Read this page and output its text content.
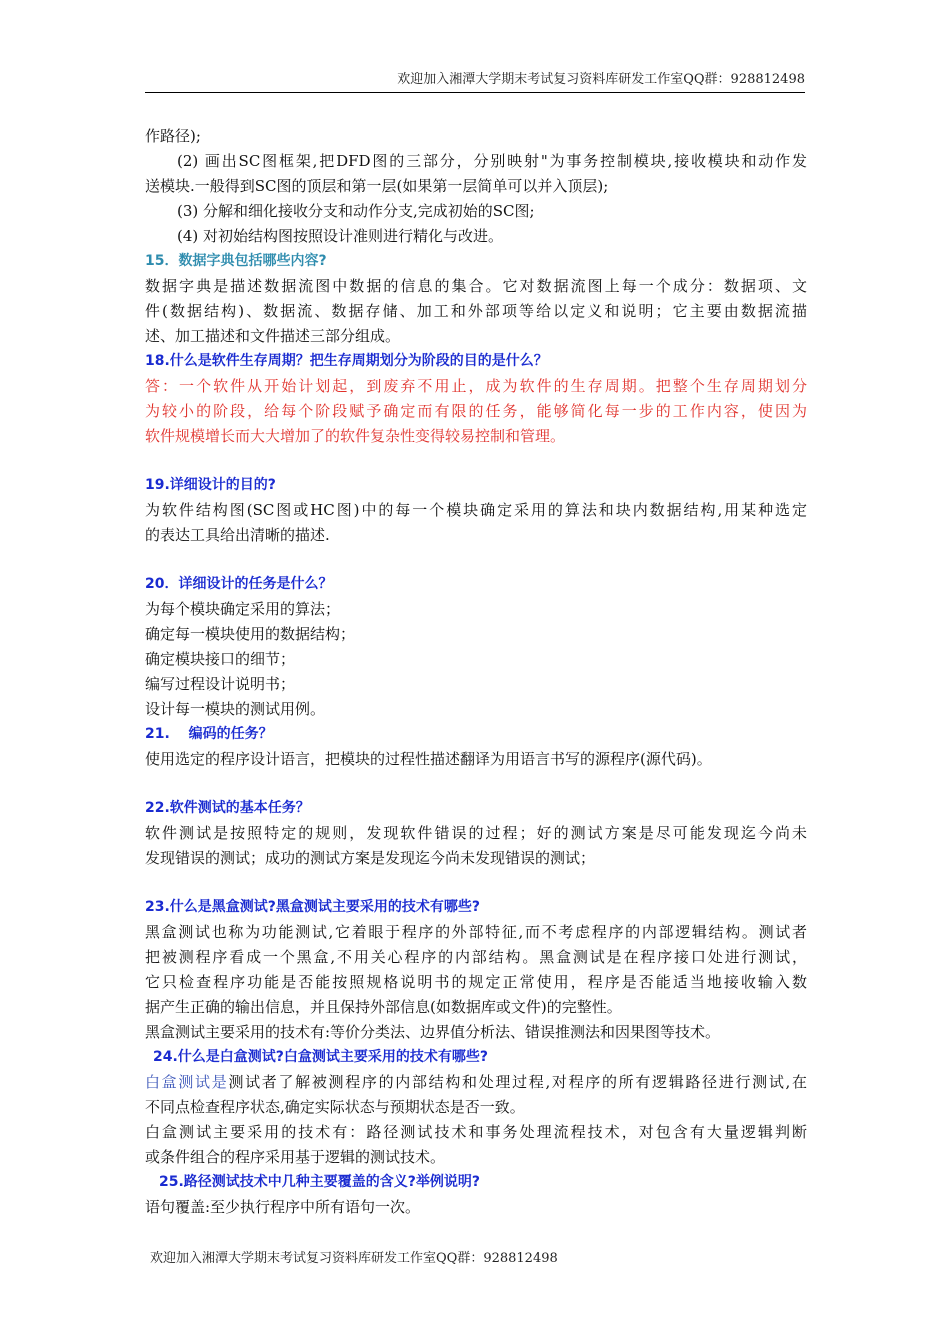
欢迎加入湘潭大学期末考试复习资料库研发工作室QQ群：928812498
作路径);
(2) 画出SC图框架,把DFD图的三部分，分别映射"为事务控制模块,接收模块和动作发
送模块.一般得到SC图的顶层和第一层(如果第一层简单可以并入顶层);
(3) 分解和细化接收分支和动作分支,完成初始的SC图;
(4) 对初始结构图按照设计准则进行精化与改进。
15．数据字典包括哪些内容?
数据字典是描述数据流图中数据的信息的集合。它对数据流图上每一个成分：数据项、文
件(数据结构)、数据流、数据存储、加工和外部项等给以定义和说明；它主要由数据流描
述、加工描述和文件描述三部分组成。
18.什么是软件生存周期？把生存周期划分为阶段的目的是什么？
答：一个软件从开始计划起，到废弃不用止，成为软件的生存周期。把整个生存周期划分
为较小的阶段，给每个阶段赋予确定而有限的任务，能够简化每一步的工作内容，使因为
软件规模增长而大大增加了的软件复杂性变得较易控制和管理。
19.详细设计的目的?
为软件结构图(SC图或HC图)中的每一个模块确定采用的算法和块内数据结构,用某种选定
的表达工具给出清晰的描述.
20．详细设计的任务是什么？
为每个模块确定采用的算法；
确定每一模块使用的数据结构；
确定模块接口的细节；
编写过程设计说明书；
设计每一模块的测试用例。
21.　 编码的任务？
使用选定的程序设计语言，把模块的过程性描述翻译为用语言书写的源程序(源代码)。
22.软件测试的基本任务？
软件测试是按照特定的规则，发现软件错误的过程；好的测试方案是尽可能发现迄今尚未
发现错误的测试；成功的测试方案是发现迄今尚未发现错误的测试；
23.什么是黑盒测试?黑盒测试主要采用的技术有哪些?
黑盒测试也称为功能测试,它着眼于程序的外部特征,而不考虑程序的内部逻辑结构。测试者
把被测程序看成一个黑盒,不用关心程序的内部结构。黑盒测试是在程序接口处进行测试，
它只检查程序功能是否能按照规格说明书的规定正常使用，程序是否能适当地接收输入数
据产生正确的输出信息，并且保持外部信息(如数据库或文件)的完整性。
黑盒测试主要采用的技术有:等价分类法、边界值分析法、错误推测法和因果图等技术。
24.什么是白盒测试?白盒测试主要采用的技术有哪些?
白盒测试是测试者了解被测程序的内部结构和处理过程,对程序的所有逻辑路径进行测试,在
不同点检查程序状态,确定实际状态与预期状态是否一致。
白盒测试主要采用的技术有：路径测试技术和事务处理流程技术，对包含有大量逻辑判断
或条件组合的程序采用基于逻辑的测试技术。
25.路径测试技术中几种主要覆盖的含义?举例说明?
语句覆盖:至少执行程序中所有语句一次。
欢迎加入湘潭大学期末考试复习资料库研发工作室QQ群：928812498
